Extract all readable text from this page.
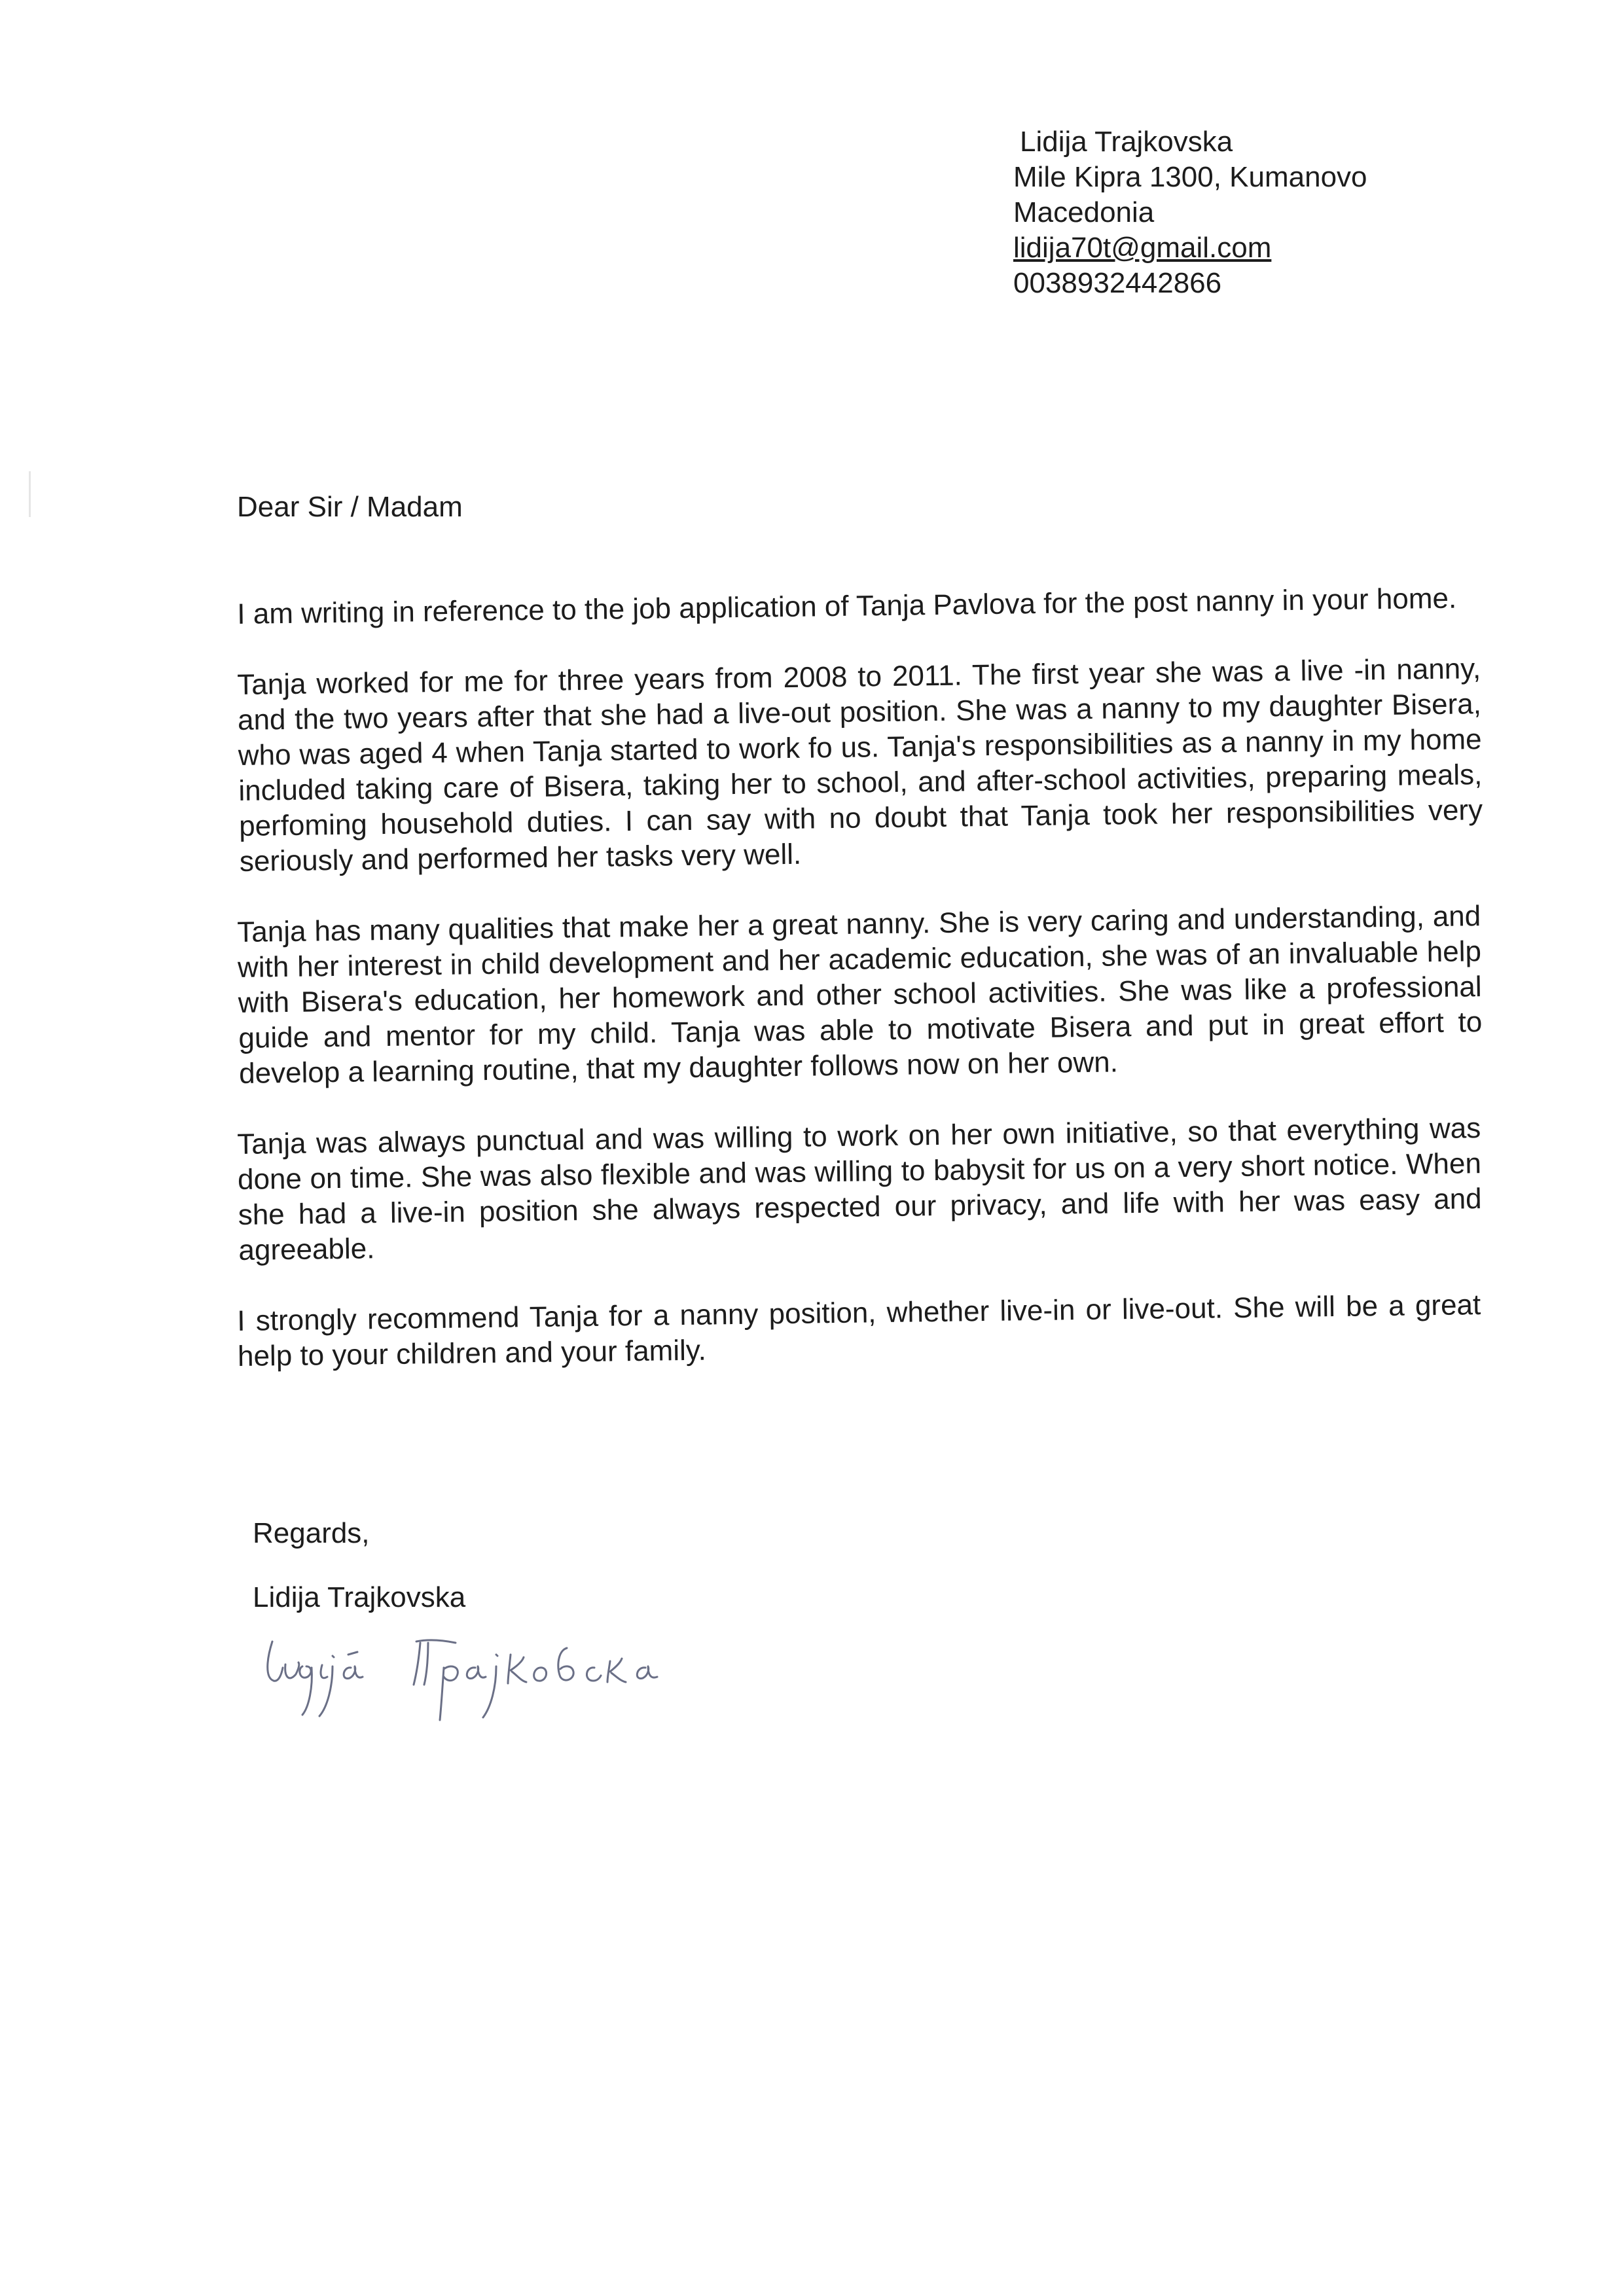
Lidija Trajkovska
Mile Kipra 1300, Kumanovo
Macedonia
lidija70t@gmail.com
0038932442866
Dear Sir / Madam

I am writing in reference to the job application of Tanja Pavlova for the post nanny in your home.

Tanja worked for me for three years from 2008 to 2011. The first year she was a live -in nanny, and the two years after that she had a live-out position. She was a nanny to my daughter Bisera, who was aged 4 when Tanja started to work fo us. Tanja's responsibilities as a nanny in my home included taking care of Bisera, taking her to school, and after-school activities, preparing meals, perfoming household duties. I can say with no doubt that Tanja took her responsibilities very seriously and performed her tasks very well.

Tanja has many qualities that make her a great nanny. She is very caring and understanding, and with her interest in child development and her academic education, she was of an invaluable help with Bisera's education, her homework and other school activities. She was like a professional guide and mentor for my child. Tanja was able to motivate Bisera and put in great effort to develop a learning routine, that my daughter follows now on her own.

Tanja was always punctual and was willing to work on her own initiative, so that everything was done on time. She was also flexible and was willing to babysit for us on a very short notice. When she had a live-in position she always respected our privacy, and life with her was easy and agreeable.

I strongly recommend Tanja for a nanny position, whether live-in or live-out. She will be a great help to your children and your family.

Regards,
Lidija Trajkovska
